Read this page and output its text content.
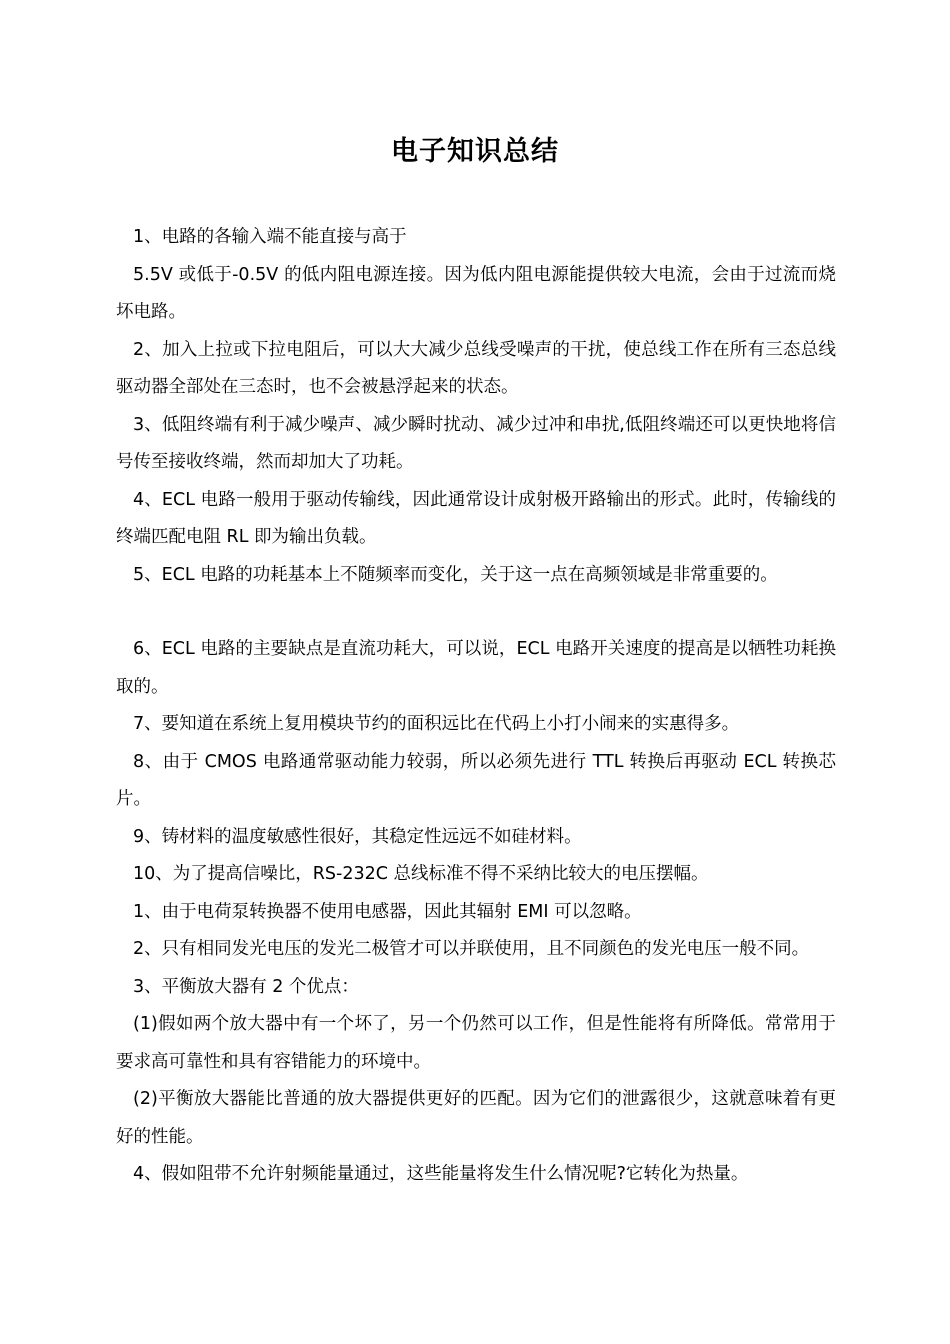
电子知识总结

1、电路的各输入端不能直接与高于

5.5V 或低于-0.5V 的低内阻电源连接。因为低内阻电源能提供较大电流，会由于过流而烧坏电路。

2、加入上拉或下拉电阻后，可以大大减少总线受噪声的干扰，使总线工作在所有三态总线驱动器全部处在三态时，也不会被悬浮起来的状态。

3、低阻终端有利于减少噪声、减少瞬时扰动、减少过冲和串扰,低阻终端还可以更快地将信号传至接收终端，然而却加大了功耗。

4、ECL 电路一般用于驱动传输线，因此通常设计成射极开路输出的形式。此时，传输线的终端匹配电阻 RL 即为输出负载。

5、ECL 电路的功耗基本上不随频率而变化，关于这一点在高频领域是非常重要的。

6、ECL 电路的主要缺点是直流功耗大，可以说，ECL 电路开关速度的提高是以牺牲功耗换取的。

7、要知道在系统上复用模块节约的面积远比在代码上小打小闹来的实惠得多。

8、由于 CMOS 电路通常驱动能力较弱，所以必须先进行 TTL 转换后再驱动 ECL 转换芯片。

9、铸材料的温度敏感性很好，其稳定性远远不如硅材料。

10、为了提高信噪比，RS-232C 总线标准不得不采纳比较大的电压摆幅。

1、由于电荷泵转换器不使用电感器，因此其辐射 EMI 可以忽略。

2、只有相同发光电压的发光二极管才可以并联使用，且不同颜色的发光电压一般不同。

3、平衡放大器有 2 个优点：

(1)假如两个放大器中有一个坏了，另一个仍然可以工作，但是性能将有所降低。常常用于要求高可靠性和具有容错能力的环境中。

(2)平衡放大器能比普通的放大器提供更好的匹配。因为它们的泄露很少，这就意味着有更好的性能。

4、假如阻带不允许射频能量通过，这些能量将发生什么情况呢?它转化为热量。
